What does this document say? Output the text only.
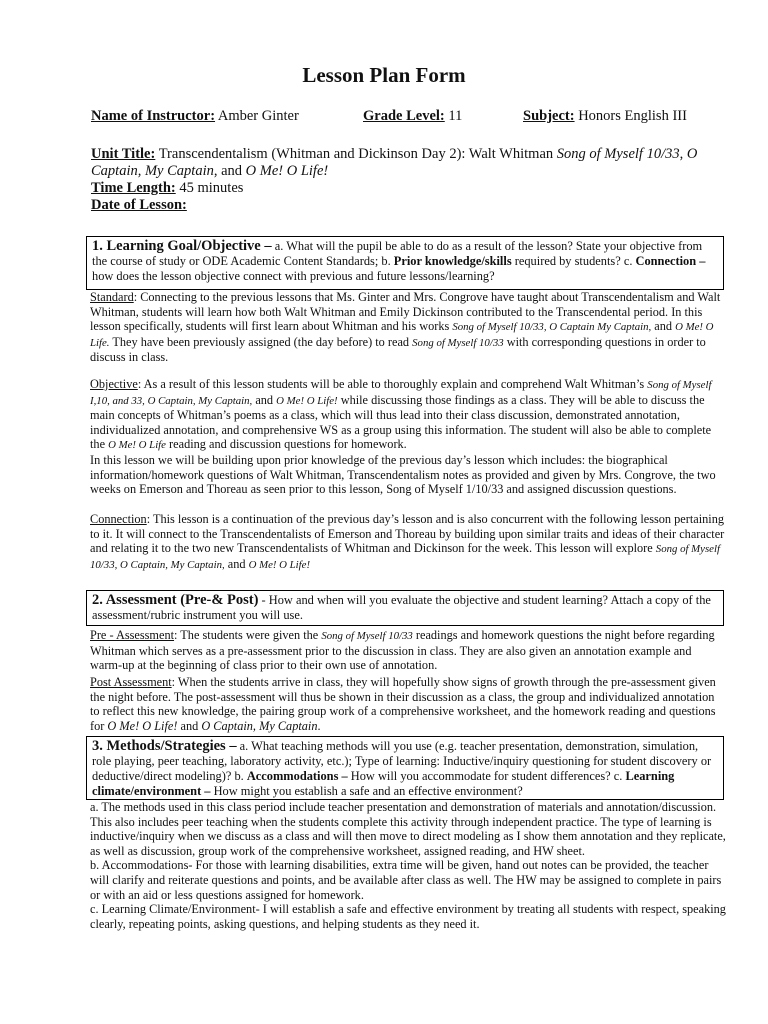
Lesson Plan Form
Name of Instructor: Amber Ginter	Grade Level: 11	Subject: Honors English III
Unit Title: Transcendentalism (Whitman and Dickinson Day 2): Walt Whitman Song of Myself 10/33, O Captain, My Captain, and O Me! O Life!
Time Length: 45 minutes
Date of Lesson:
1. Learning Goal/Objective – a. What will the pupil be able to do as a result of the lesson? State your objective from the course of study or ODE Academic Content Standards; b. Prior knowledge/skills required by students? c. Connection – how does the lesson objective connect with previous and future lessons/learning?
Standard: Connecting to the previous lessons that Ms. Ginter and Mrs. Congrove have taught about Transcendentalism and Walt Whitman, students will learn how both Walt Whitman and Emily Dickinson contributed to the Transcendental period. In this lesson specifically, students will first learn about Whitman and his works Song of Myself 10/33, O Captain My Captain, and O Me! O Life. They have been previously assigned (the day before) to read Song of Myself 10/33 with corresponding questions in order to discuss in class.
Objective: As a result of this lesson students will be able to thoroughly explain and comprehend Walt Whitman’s Song of Myself I,10, and 33, O Captain, My Captain, and O Me! O Life! while discussing those findings as a class. They will be able to discuss the main concepts of Whitman’s poems as a class, which will thus lead into their class discussion, demonstrated annotation, individualized annotation, and comprehensive WS as a group using this information. The student will also be able to complete the O Me! O Life reading and discussion questions for homework.
In this lesson we will be building upon prior knowledge of the previous day’s lesson which includes: the biographical information/homework questions of Walt Whitman, Transcendentalism notes as provided and given by Mrs. Congrove, the two weeks on Emerson and Thoreau as seen prior to this lesson, Song of Myself 1/10/33 and assigned discussion questions.
Connection: This lesson is a continuation of the previous day’s lesson and is also concurrent with the following lesson pertaining to it. It will connect to the Transcendentalists of Emerson and Thoreau by building upon similar traits and ideas of their character and relating it to the two new Transcendentalists of Whitman and Dickinson for the week. This lesson will explore Song of Myself 10/33, O Captain, My Captain, and O Me! O Life!
2. Assessment (Pre-& Post) - How and when will you evaluate the objective and student learning? Attach a copy of the assessment/rubric instrument you will use.
Pre - Assessment: The students were given the Song of Myself 10/33 readings and homework questions the night before regarding Whitman which serves as a pre-assessment prior to the discussion in class. They are also given an annotation example and warm-up at the beginning of class prior to their own use of annotation.
Post Assessment: When the students arrive in class, they will hopefully show signs of growth through the pre-assessment given the night before. The post-assessment will thus be shown in their discussion as a class, the group and individualized annotation to reflect this new knowledge, the pairing group work of a comprehensive worksheet, and the homework reading and questions for O Me! O Life! and O Captain, My Captain.
3. Methods/Strategies – a. What teaching methods will you use (e.g. teacher presentation, demonstration, simulation, role playing, peer teaching, laboratory activity, etc.); Type of learning: Inductive/inquiry questioning for student discovery or deductive/direct modeling)? b. Accommodations – How will you accommodate for student differences? c. Learning climate/environment – How might you establish a safe and an effective environment?
a. The methods used in this class period include teacher presentation and demonstration of materials and annotation/discussion. This also includes peer teaching when the students complete this activity through independent practice. The type of learning is inductive/inquiry when we discuss as a class and will then move to direct modeling as I show them annotation and they replicate, as well as discussion, group work of the comprehensive worksheet, assigned reading, and HW sheet.
b. Accommodations- For those with learning disabilities, extra time will be given, hand out notes can be provided, the teacher will clarify and reiterate questions and points, and be available after class as well. The HW may be assigned to complete in pairs or with an aid or less questions assigned for homework.
c. Learning Climate/Environment- I will establish a safe and effective environment by treating all students with respect, speaking clearly, repeating points, asking questions, and helping students as they need it.
